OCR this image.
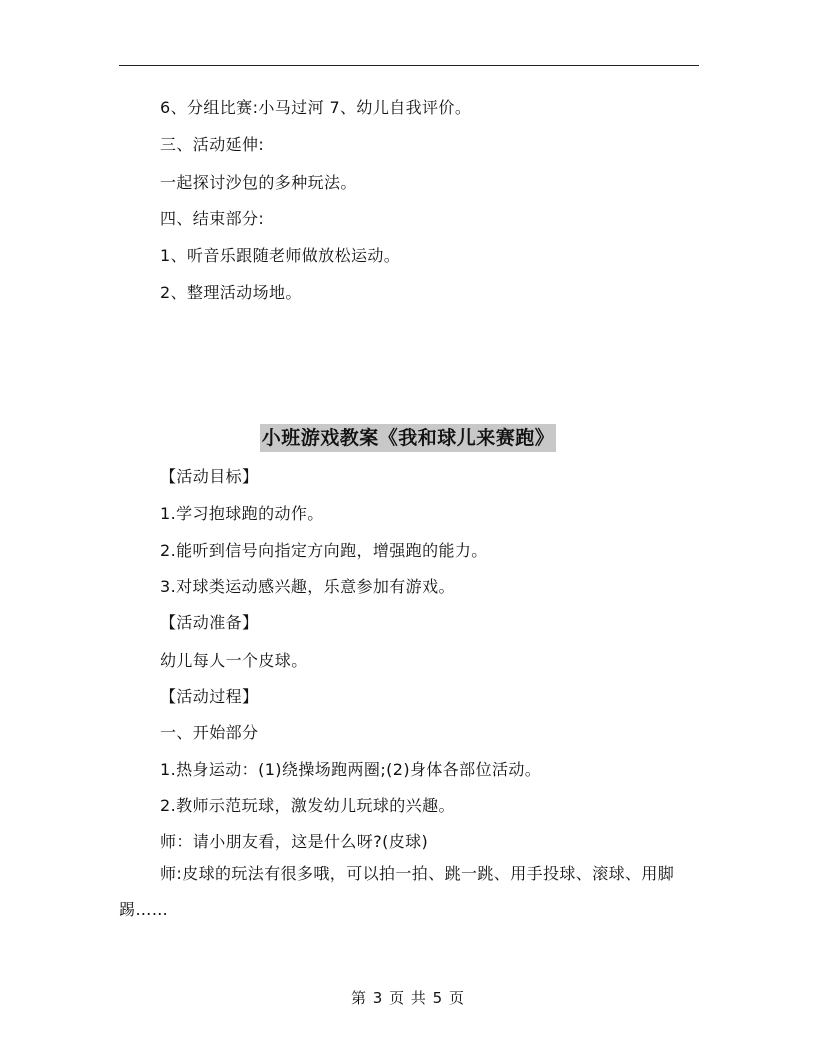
6、分组比赛:小马过河 7、幼儿自我评价。
三、活动延伸:
一起探讨沙包的多种玩法。
四、结束部分:
1、听音乐跟随老师做放松运动。
2、整理活动场地。
小班游戏教案《我和球儿来赛跑》
【活动目标】
1.学习抱球跑的动作。
2.能听到信号向指定方向跑，增强跑的能力。
3.对球类运动感兴趣，乐意参加有游戏。
【活动准备】
幼儿每人一个皮球。
【活动过程】
一、开始部分
1.热身运动：(1)绕操场跑两圈;(2)身体各部位活动。
2.教师示范玩球，激发幼儿玩球的兴趣。
师：请小朋友看，这是什么呀?(皮球)
师:皮球的玩法有很多哦，可以拍一拍、跳一跳、用手投球、滚球、用脚踢……
第 3 页 共 5 页
